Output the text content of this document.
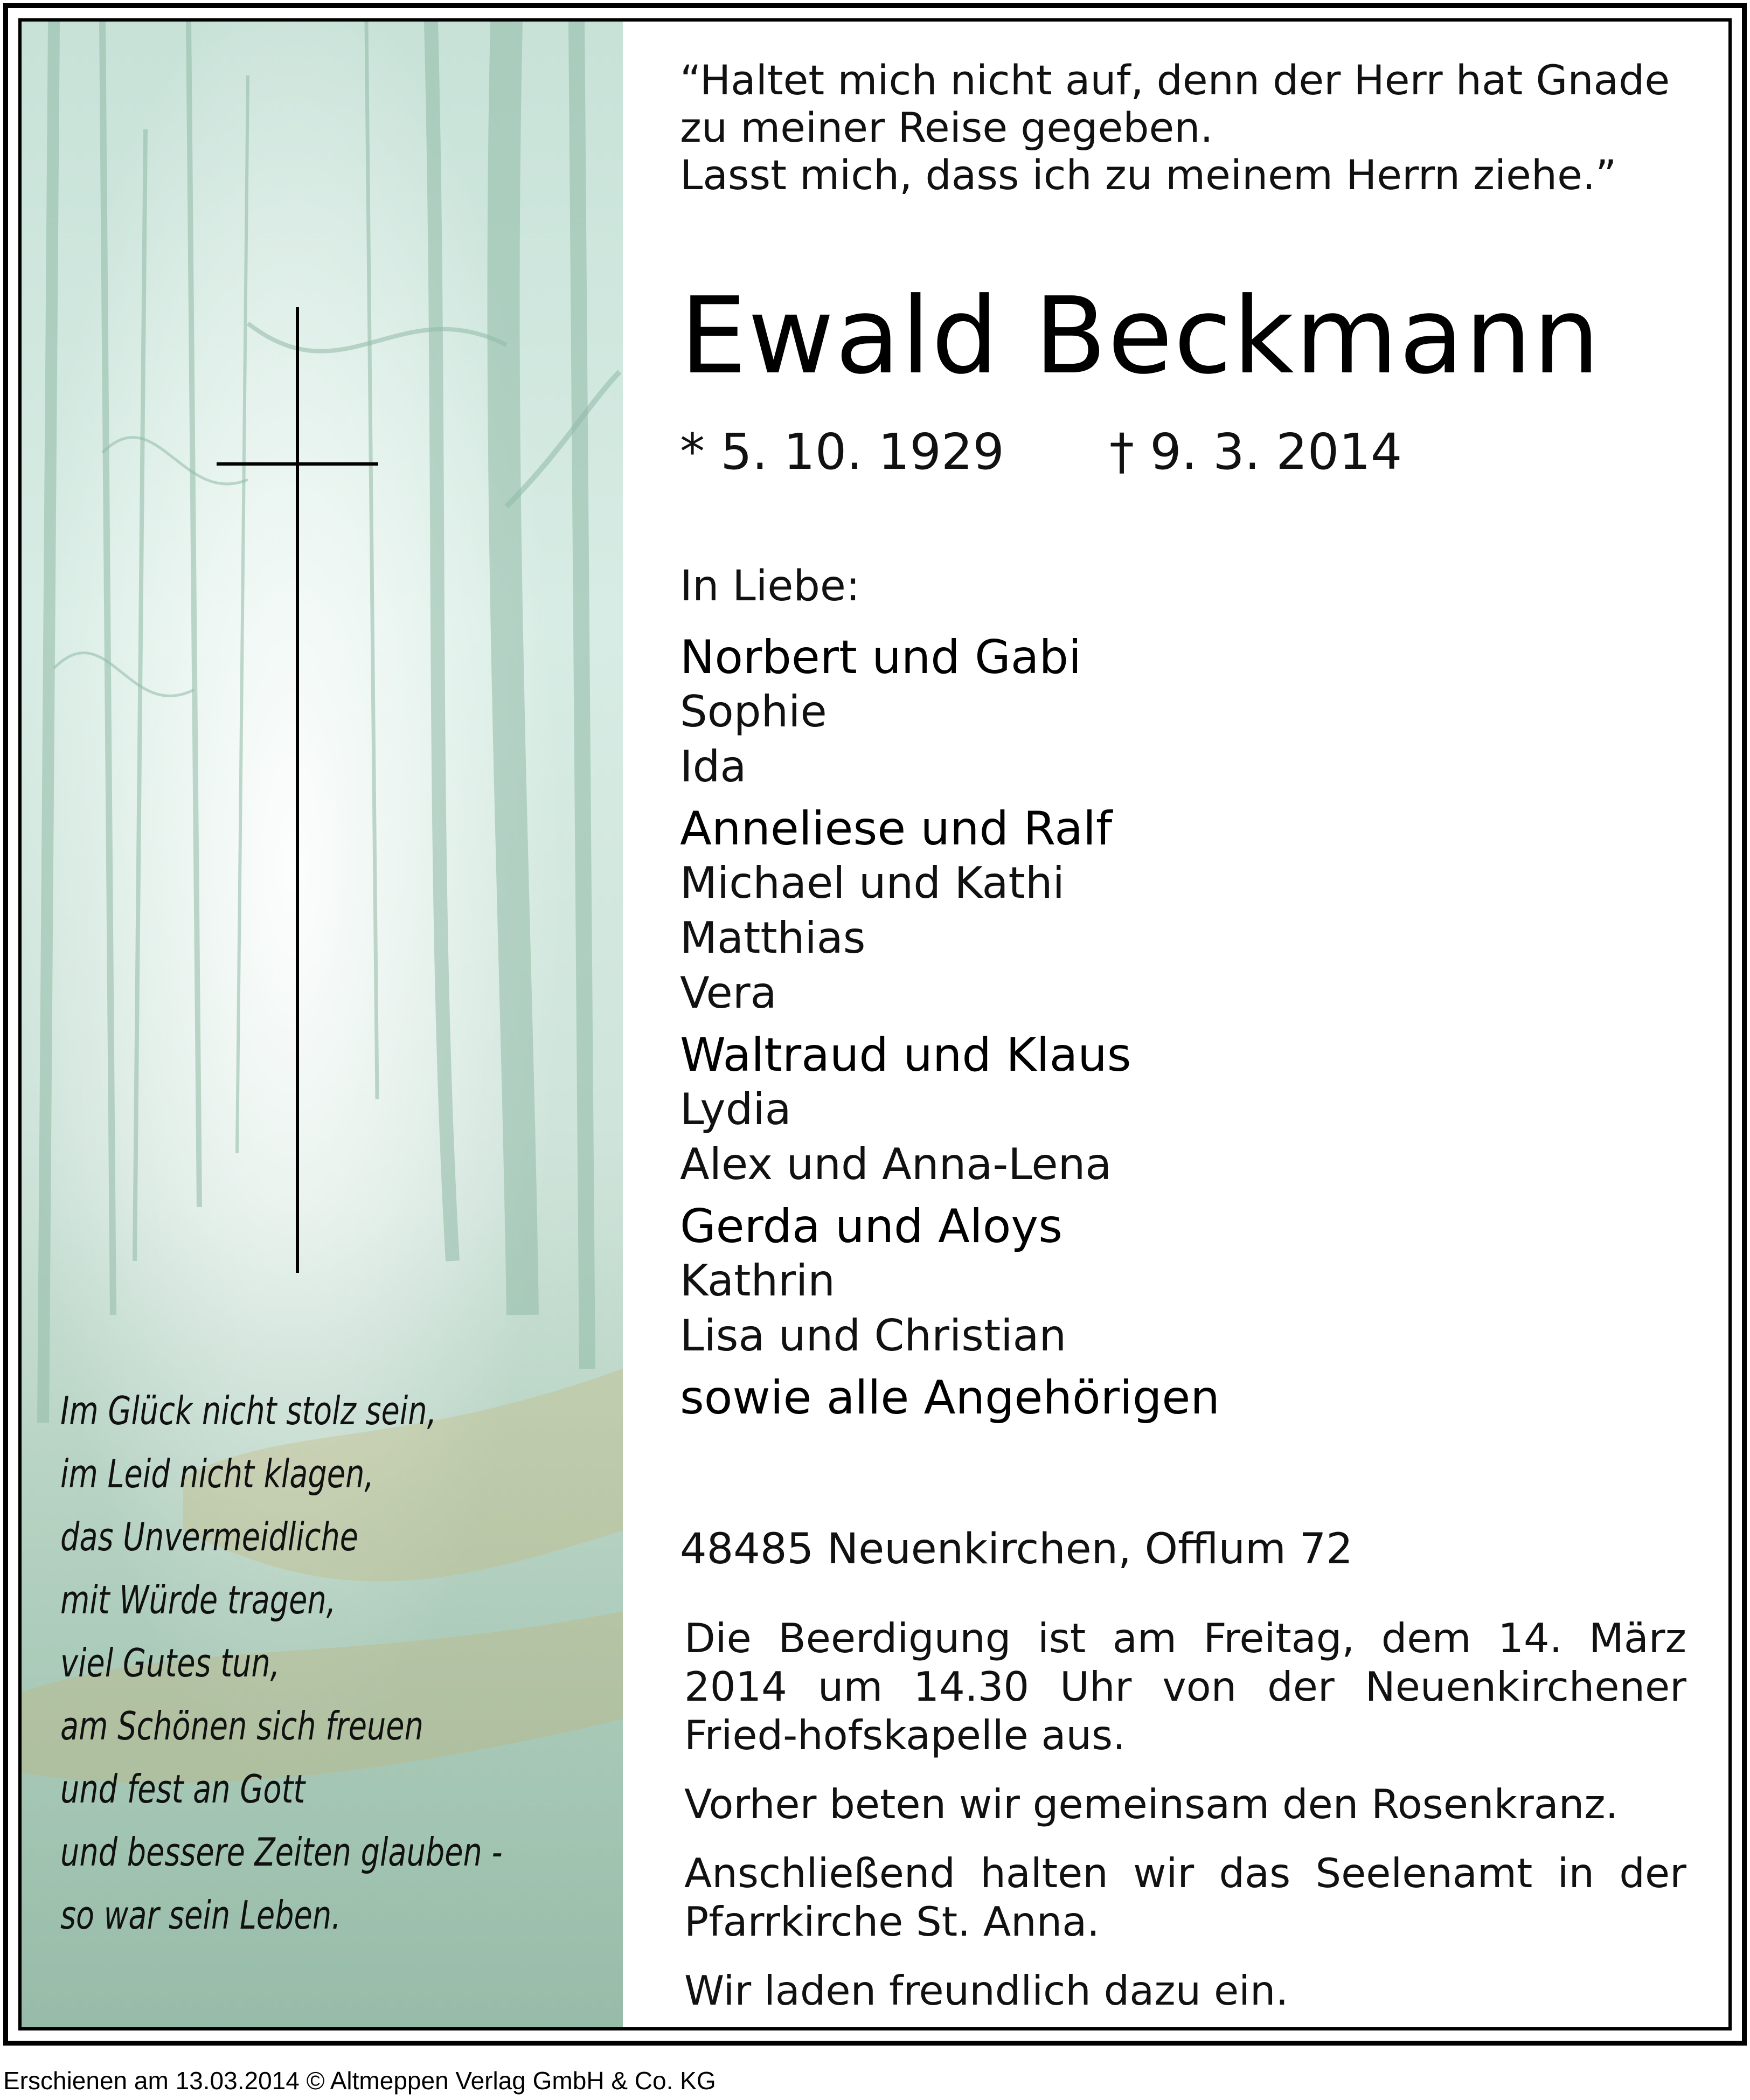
Im Glück nicht stolz sein,
im Leid nicht klagen,
das Unvermeidliche
mit Würde tragen,
viel Gutes tun,
am Schönen sich freuen
und fest an Gott
und bessere Zeiten glauben -
so war sein Leben.
“Haltet mich nicht auf, denn der Herr hat Gnade
zu meiner Reise gegeben.
Lasst mich, dass ich zu meinem Herrn ziehe.”
Ewald Beckmann
* 5. 10. 1929 † 9. 3. 2014
In Liebe:
Norbert und Gabi
Sophie
Ida
Anneliese und Ralf
Michael und Kathi
Matthias
Vera
Waltraud und Klaus
Lydia
Alex und Anna-Lena
Gerda und Aloys
Kathrin
Lisa und Christian
sowie alle Angehörigen
48485 Neuenkirchen, Offlum 72

Die Beerdigung ist am Freitag, dem 14. März 2014 um 14.30 Uhr von der Neuenkirchener Fried-hofskapelle aus.

Vorher beten wir gemeinsam den Rosenkranz.

Anschließend halten wir das Seelenamt in der Pfarrkirche St. Anna.

Wir laden freundlich dazu ein.

Erschienen am 13.03.2014 © Altmeppen Verlag GmbH & Co. KG
